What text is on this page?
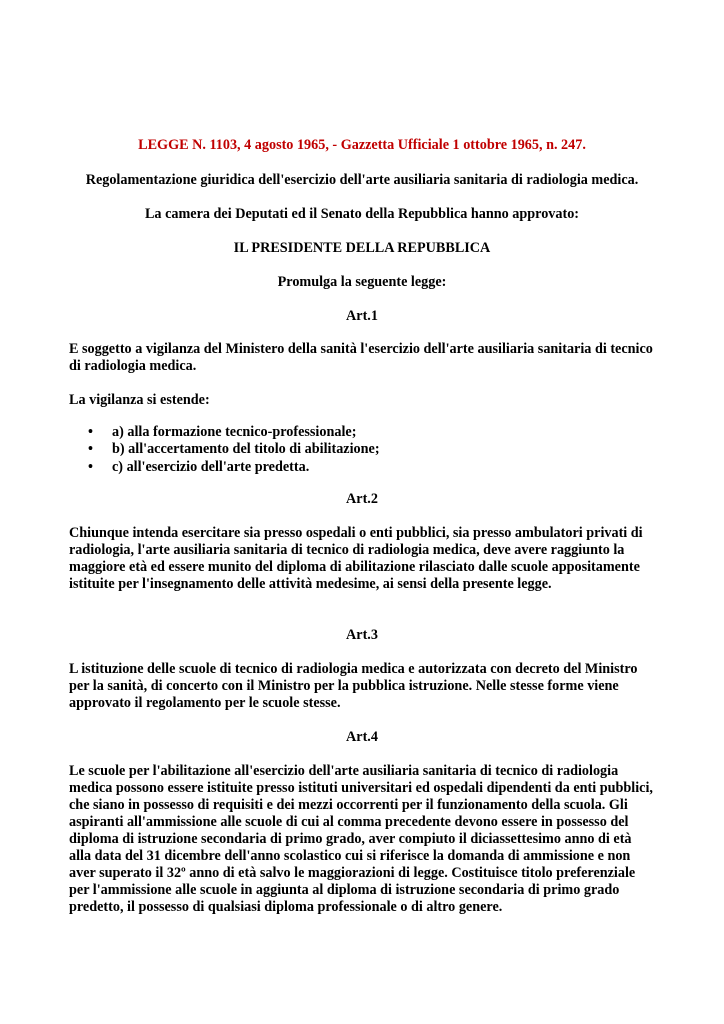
LEGGE N. 1103, 4 agosto 1965, - Gazzetta Ufficiale 1 ottobre 1965, n. 247.
Regolamentazione giuridica dell'esercizio dell'arte ausiliaria sanitaria di radiologia medica.
La camera dei Deputati ed il Senato della Repubblica hanno approvato:
IL PRESIDENTE DELLA REPUBBLICA
Promulga la seguente legge:
Art.1

E soggetto a vigilanza del Ministero della sanità l'esercizio dell'arte ausiliaria sanitaria di tecnico di radiologia medica.

La vigilanza si estende:

• a) alla formazione tecnico-professionale;
• b) all'accertamento del titolo di abilitazione;
• c) all'esercizio dell'arte predetta.
Art.2

Chiunque intenda esercitare sia presso ospedali o enti pubblici, sia presso ambulatori privati di radiologia, l'arte ausiliaria sanitaria di tecnico di radiologia medica, deve avere raggiunto la maggiore età ed essere munito del diploma di abilitazione rilasciato dalle scuole appositamente istituite per l'insegnamento delle attività medesime, ai sensi della presente legge.

Art.3

L istituzione delle scuole di tecnico di radiologia medica e autorizzata con decreto del Ministro per la sanità, di concerto con il Ministro per la pubblica istruzione. Nelle stesse forme viene approvato il regolamento per le scuole stesse.

Art.4

Le scuole per l'abilitazione all'esercizio dell'arte ausiliaria sanitaria di tecnico di radiologia medica possono essere istituite presso istituti universitari ed ospedali dipendenti da enti pubblici, che siano in possesso di requisiti e dei mezzi occorrenti per il funzionamento della scuola. Gli aspiranti all'ammissione alle scuole di cui al comma precedente devono essere in possesso del diploma di istruzione secondaria di primo grado, aver compiuto il diciassettesimo anno di età alla data del 31 dicembre dell'anno scolastico cui si riferisce la domanda di ammissione e non aver superato il 32º anno di età salvo le maggiorazioni di legge. Costituisce titolo preferenziale per l'ammissione alle scuole in aggiunta al diploma di istruzione secondaria di primo grado predetto, il possesso di qualsiasi diploma professionale o di altro genere.
